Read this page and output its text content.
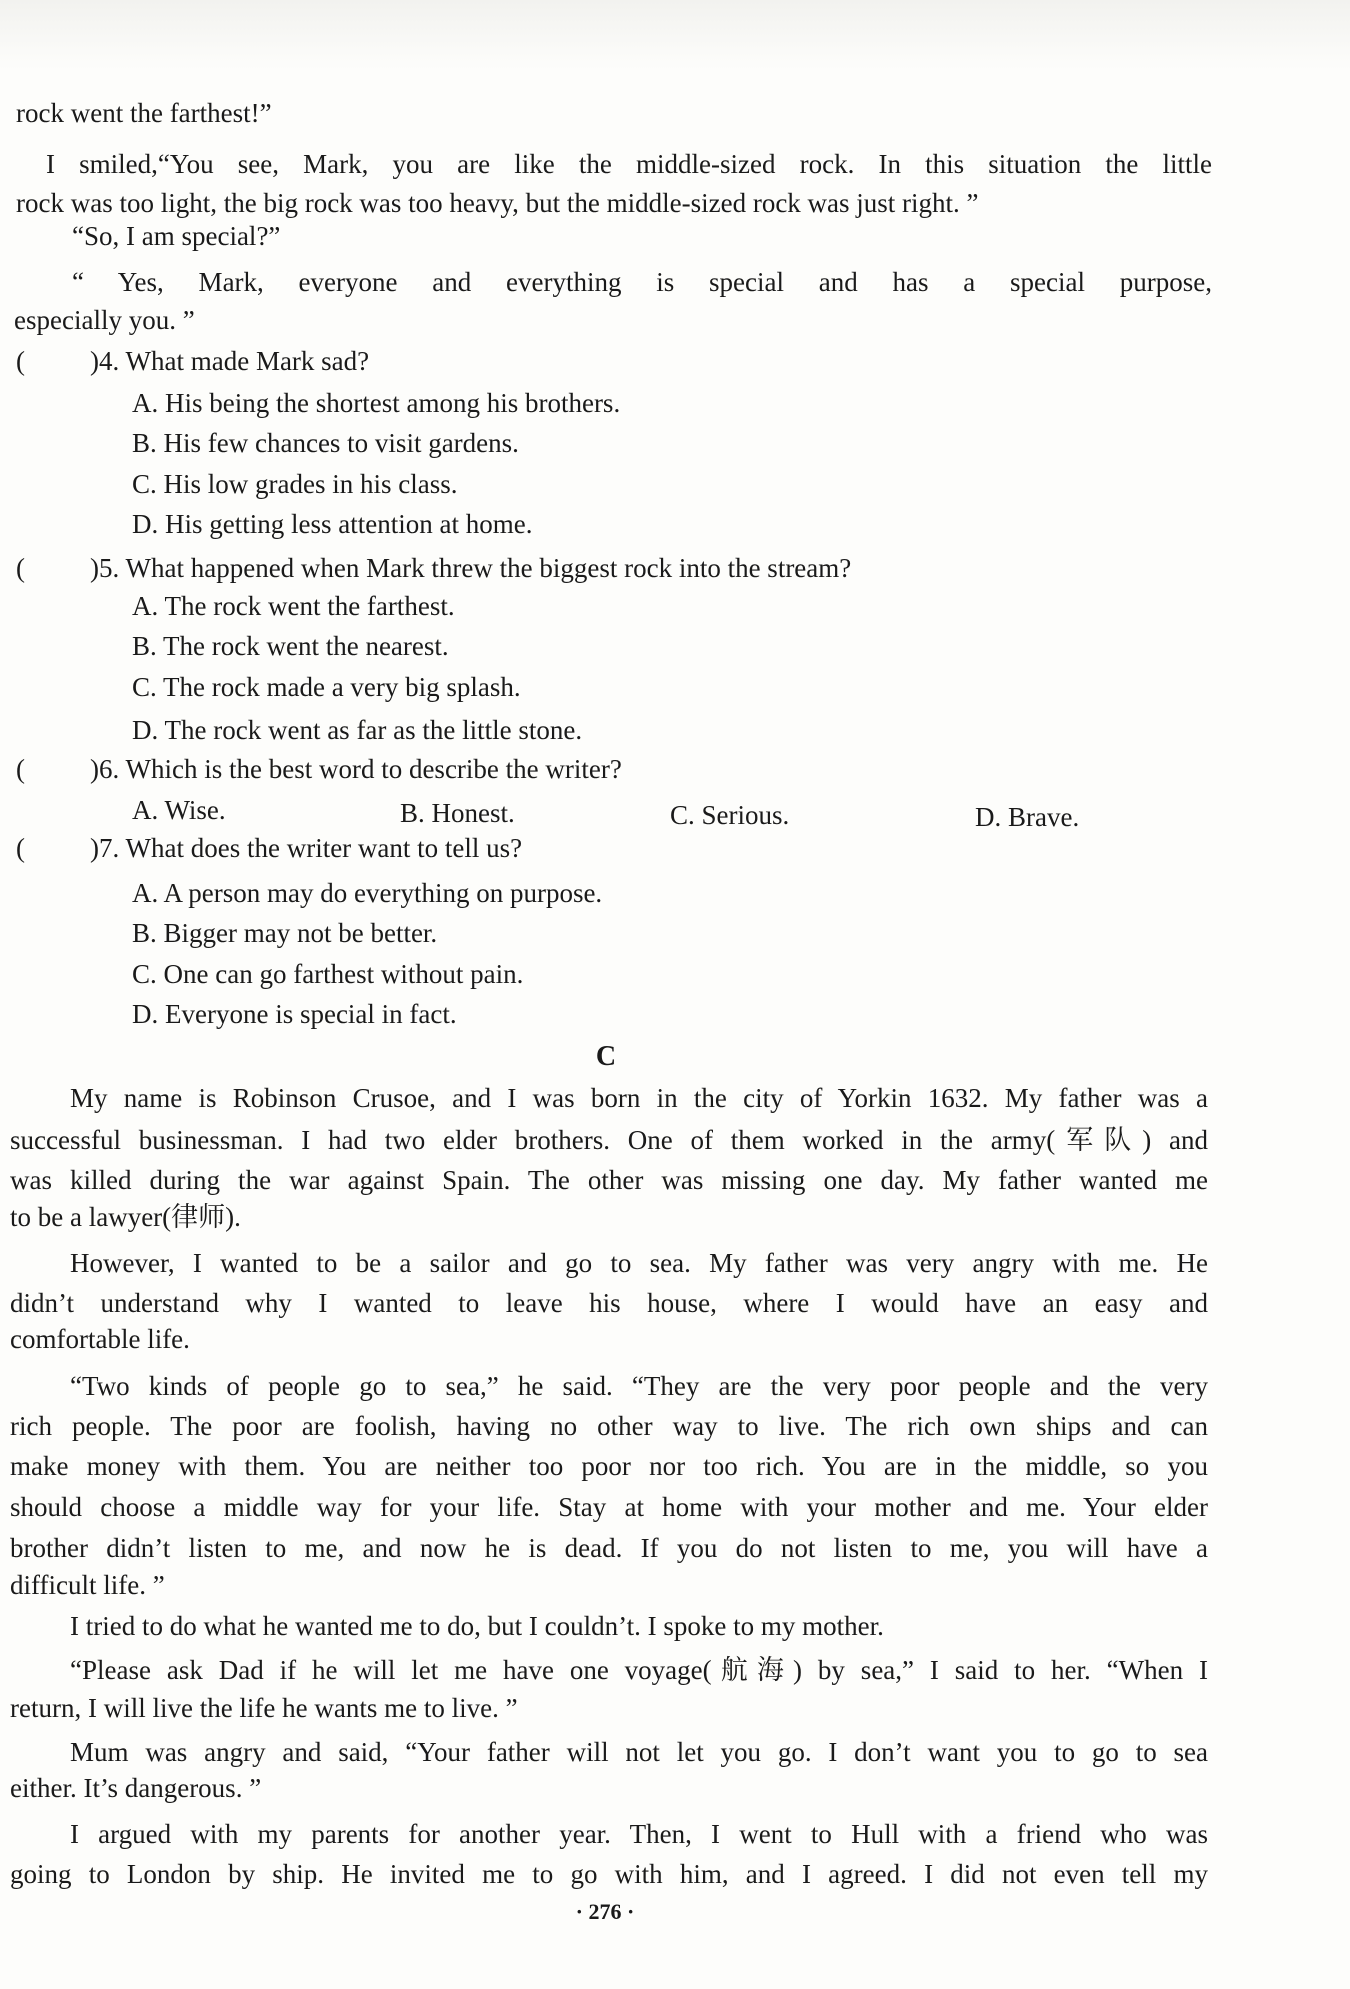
rock went the farthest!”
I smiled,“You see, Mark, you are like the middle-sized rock. In this situation the little
rock was too light, the big rock was too heavy, but the middle-sized rock was just right. ”
“So, I am special?”
“ Yes, Mark, everyone and everything is special and has a special purpose,
especially you. ”
( )4. What made Mark sad?
A. His being the shortest among his brothers.
B. His few chances to visit gardens.
C. His low grades in his class.
D. His getting less attention at home.
( )5. What happened when Mark threw the biggest rock into the stream?
A. The rock went the farthest.
B. The rock went the nearest.
C. The rock made a very big splash.
D. The rock went as far as the little stone.
( )6. Which is the best word to describe the writer?
A. Wise.	B. Honest.	C. Serious.	D. Brave.
( )7. What does the writer want to tell us?
A. A person may do everything on purpose.
B. Bigger may not be better.
C. One can go farthest without pain.
D. Everyone is special in fact.
C
My name is Robinson Crusoe, and I was born in the city of Yorkin 1632. My father was a
successful businessman. I had two elder brothers. One of them worked in the army(军队) and
was killed during the war against Spain. The other was missing one day. My father wanted me
to be a lawyer(律师).
However, I wanted to be a sailor and go to sea. My father was very angry with me. He
didn’t understand why I wanted to leave his house, where I would have an easy and
comfortable life.
“Two kinds of people go to sea,” he said. “They are the very poor people and the very
rich people. The poor are foolish, having no other way to live. The rich own ships and can
make money with them. You are neither too poor nor too rich. You are in the middle, so you
should choose a middle way for your life. Stay at home with your mother and me. Your elder
brother didn’t listen to me, and now he is dead. If you do not listen to me, you will have a
difficult life. ”
I tried to do what he wanted me to do, but I couldn’t. I spoke to my mother.
“Please ask Dad if he will let me have one voyage(航海) by sea,” I said to her. “When I
return, I will live the life he wants me to live. ”
Mum was angry and said, “Your father will not let you go. I don’t want you to go to sea
either. It’s dangerous. ”
I argued with my parents for another year. Then, I went to Hull with a friend who was
going to London by ship. He invited me to go with him, and I agreed. I did not even tell my
· 276 ·
